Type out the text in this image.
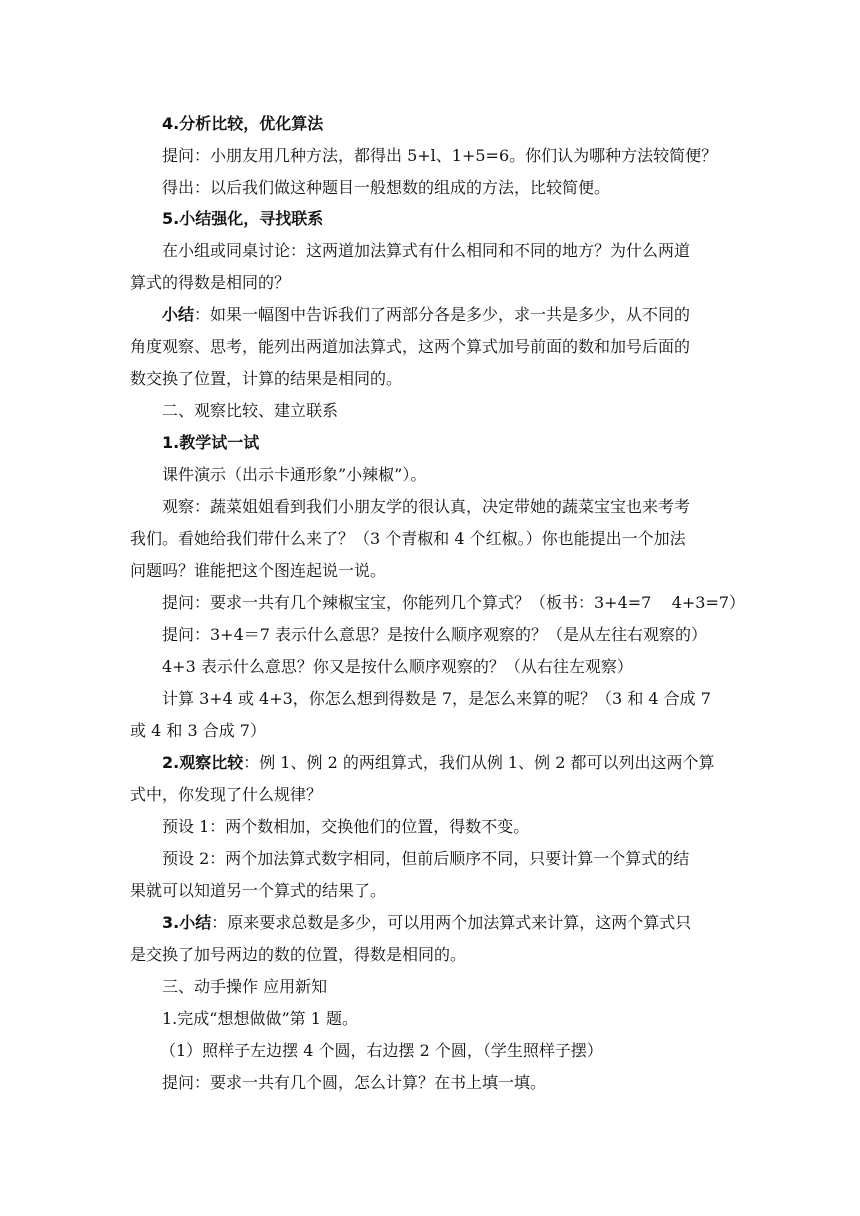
4.分析比较，优化算法
提问：小朋友用几种方法，都得出 5+l、1+5=6。你们认为哪种方法较简便？
得出：以后我们做这种题目一般想数的组成的方法，比较简便。
5.小结强化，寻找联系
在小组或同桌讨论：这两道加法算式有什么相同和不同的地方？为什么两道
算式的得数是相同的？
小结：如果一幅图中告诉我们了两部分各是多少，求一共是多少，从不同的
角度观察、思考，能列出两道加法算式，这两个算式加号前面的数和加号后面的
数交换了位置，计算的结果是相同的。
二、观察比较、建立联系
1.教学试一试
课件演示（出示卡通形象”小辣椒”）。
观察：蔬菜姐姐看到我们小朋友学的很认真，决定带她的蔬菜宝宝也来考考
我们。看她给我们带什么来了？（3 个青椒和 4 个红椒。）你也能提出一个加法
问题吗？谁能把这个图连起说一说。
提问：要求一共有几个辣椒宝宝，你能列几个算式？（板书：3+4=7    4+3=7）
提问：3+4＝7 表示什么意思？是按什么顺序观察的？（是从左往右观察的）
4+3 表示什么意思？你又是按什么顺序观察的？（从右往左观察）
计算 3+4 或 4+3，你怎么想到得数是 7，是怎么来算的呢？（3 和 4 合成 7
或 4 和 3 合成 7）
2.观察比较：例 1、例 2 的两组算式，我们从例 1、例 2 都可以列出这两个算
式中，你发现了什么规律？
预设 1：两个数相加，交换他们的位置，得数不变。
预设 2：两个加法算式数字相同，但前后顺序不同，只要计算一个算式的结
果就可以知道另一个算式的结果了。
3.小结：原来要求总数是多少，可以用两个加法算式来计算，这两个算式只
是交换了加号两边的数的位置，得数是相同的。
三、动手操作 应用新知
1.完成“想想做做”第 1 题。
（1）照样子左边摆 4 个圆，右边摆 2 个圆，（学生照样子摆）
提问：要求一共有几个圆，怎么计算？在书上填一填。
